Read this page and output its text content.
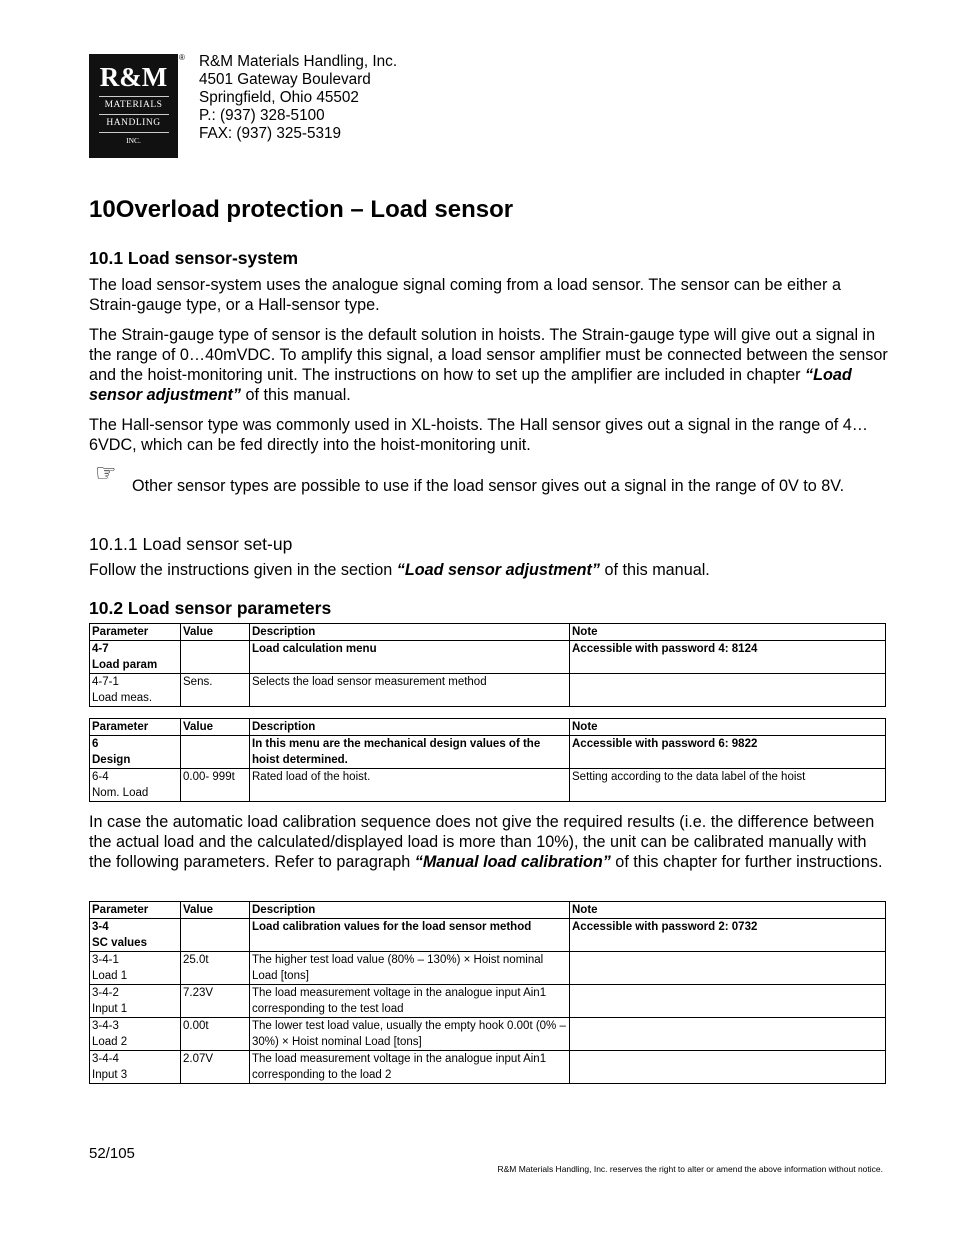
R&M
MATERIALS
HANDLING
INC.
® R&M Materials Handling, Inc.
4501 Gateway Boulevard
Springfield, Ohio 45502
P.: (937) 328-5100
FAX: (937) 325-5319
10Overload protection – Load sensor
10.1 Load sensor-system

The load sensor-system uses the analogue signal coming from a load sensor. The sensor can be either a Strain-gauge type, or a Hall-sensor type.

The Strain-gauge type of sensor is the default solution in hoists. The Strain-gauge type will give out a signal in the range of 0…40mVDC. To amplify this signal, a load sensor amplifier must be connected between the sensor and the hoist-monitoring unit. The instructions on how to set up the amplifier are included in chapter “Load sensor adjustment” of this manual.

The Hall-sensor type was commonly used in XL-hoists. The Hall sensor gives out a signal in the range of 4…6VDC, which can be fed directly into the hoist-monitoring unit.

☞ Other sensor types are possible to use if the load sensor gives out a signal in the range of 0V to 8V.

10.1.1 Load sensor set-up

Follow the instructions given in the section “Load sensor adjustment” of this manual.

10.2 Load sensor parameters
Parameter	Value	Description	Note
4-7
Load param		Load calculation menu	Accessible with password 4: 8124
4-7-1
Load meas.	Sens.	Selects the load sensor measurement method	
Parameter	Value	Description	Note
6
Design		In this menu are the mechanical design values of the hoist determined.	Accessible with password 6: 9822
6-4
Nom. Load	0.00- 999t	Rated load of the hoist.	Setting according to the data label of the hoist

In case the automatic load calibration sequence does not give the required results (i.e. the difference between the actual load and the calculated/displayed load is more than 10%), the unit can be calibrated manually with the following parameters. Refer to paragraph “Manual load calibration” of this chapter for further instructions.

Parameter	Value	Description	Note
3-4
SC values		Load calibration values for the load sensor method	Accessible with password 2: 0732
3-4-1
Load 1	25.0t	The higher test load value (80% – 130%) × Hoist nominal Load [tons]	
3-4-2
Input 1	7.23V	The load measurement voltage in the analogue input Ain1 corresponding to the test load	
3-4-3
Load 2	0.00t	The lower test load value, usually the empty hook 0.00t (0% – 30%) × Hoist nominal Load [tons]	
3-4-4
Input 3	2.07V	The load measurement voltage in the analogue input Ain1 corresponding to the load 2	
52/105
R&M Materials Handling, Inc. reserves the right to alter or amend the above information without notice.
